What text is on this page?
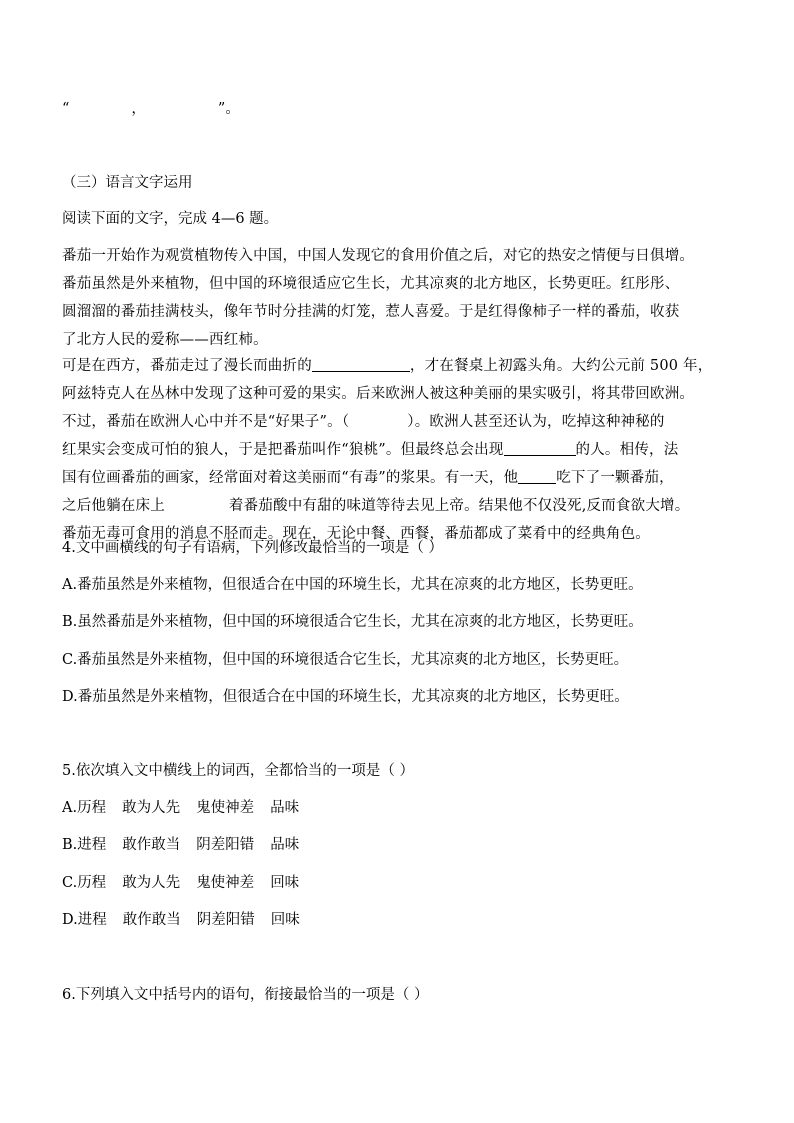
“	，	”。
（三）语言文字运用
阅读下面的文字，完成 4—6 题。
番茄一开始作为观赏植物传入中国，中国人发现它的食用价值之后，对它的热安之情便与日俱增。
番茄虽然是外来植物，但中国的环境很适应它生长，尤其凉爽的北方地区，长势更旺。红彤彤、
圆溜溜的番茄挂满枝头，像年节时分挂满的灯笼，惹人喜爱。于是红得像柿子一样的番茄，收获
了北方人民的爱称——西红柿。
可是在西方，番茄走过了漫长而曲折的	，才在餐桌上初露头角。大约公元前 500 年，
阿兹特克人在丛林中发现了这种可爱的果实。后来欧洲人被这种美丽的果实吸引，将其带回欧洲。
不过，番茄在欧洲人心中并不是“好果子”。（	）。欧洲人甚至还认为，吃掉这种神秘的
红果实会变成可怕的狼人，于是把番茄叫作“狼桃”。但最终总会出现	的人。相传，法
国有位画番茄的画家，经常面对着这美丽而“有毒”的浆果。有一天，他	吃下了一颗番茄，
之后他躺在床上	着番茄酸中有甜的味道等待去见上帝。结果他不仅没死,反而食欲大增。
番茄无毒可食用的消息不胫而走。现在，无论中餐、西餐，番茄都成了菜肴中的经典角色。
4.文中画横线的句子有语病，下列修改最恰当的一项是（ ）
A.番茄虽然是外来植物，但很适合在中国的环境生长，尤其在凉爽的北方地区，长势更旺。
B.虽然番茄是外来植物，但中国的环境很适合它生长，尤其在凉爽的北方地区，长势更旺。
C.番茄虽然是外来植物，但中国的环境很适合它生长，尤其凉爽的北方地区，长势更旺。
D.番茄虽然是外来植物，但很适合在中国的环境生长，尤其凉爽的北方地区，长势更旺。
5.依次填入文中横线上的词西，全都恰当的一项是（ ）
A.历程 敢为人先 鬼使神差 品味
B.进程 敢作敢当 阴差阳错 品味
C.历程 敢为人先 鬼使神差 回味
D.进程 敢作敢当 阴差阳错 回味
6.下列填入文中括号内的语句，衔接最恰当的一项是（ ）
